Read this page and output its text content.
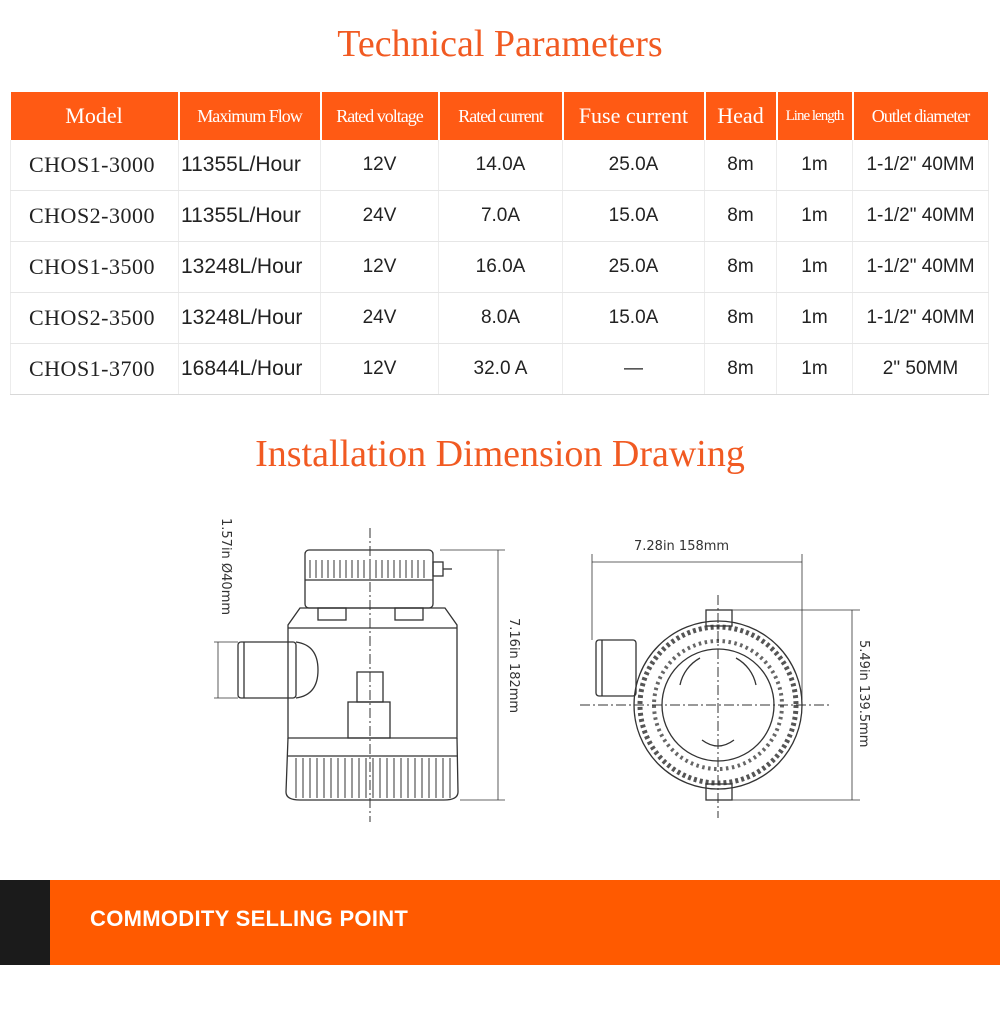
Technical Parameters
Model	Maximum Flow	Rated voltage	Rated current	Fuse current	Head	Line length	Outlet diameter
CHOS1-3000	11355L/Hour	12V	14.0A	25.0A	8m	1m	1-1/2" 40MM
CHOS2-3000	11355L/Hour	24V	7.0A	15.0A	8m	1m	1-1/2" 40MM
CHOS1-3500	13248L/Hour	12V	16.0A	25.0A	8m	1m	1-1/2" 40MM
CHOS2-3500	13248L/Hour	24V	8.0A	15.0A	8m	1m	1-1/2" 40MM
CHOS1-3700	16844L/Hour	12V	32.0 A	—	8m	1m	2" 50MM
Installation Dimension Drawing
1.57in Ø40mm
7.16in 182mm
7.28in 158mm
5.49in 139.5mm
COMMODITY SELLING POINT
